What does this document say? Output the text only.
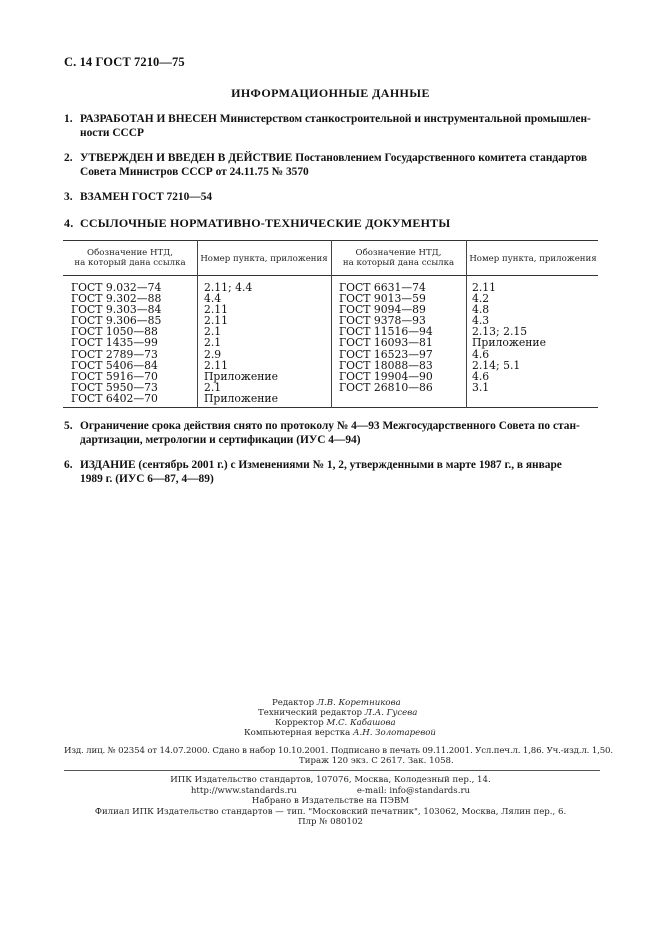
С. 14 ГОСТ 7210—75
ИНФОРМАЦИОННЫЕ ДАННЫЕ
1. РАЗРАБОТАН И ВНЕСЕН Министерством станкостроительной и инструментальной промышлен-
ности СССР
2. УТВЕРЖДЕН И ВВЕДЕН В ДЕЙСТВИЕ Постановлением Государственного комитета стандартов
Совета Министров СССР от 24.11.75 № 3570
3. ВЗАМЕН ГОСТ 7210—54
4. ССЫЛОЧНЫЕ НОРМАТИВНО-ТЕХНИЧЕСКИЕ ДОКУМЕНТЫ
Обозначение НТД,
на который дана ссылка	Номер пункта, приложения
Обозначение НТД,
на который дана ссылка	Номер пункта, приложения
ГОСТ 9.032—74
ГОСТ 9.302—88
ГОСТ 9.303—84
ГОСТ 9.306—85
ГОСТ 1050—88
ГОСТ 1435—99
ГОСТ 2789—73
ГОСТ 5406—84
ГОСТ 5916—70
ГОСТ 5950—73
ГОСТ 6402—70
2.11; 4.4
4.4
2.11
2.11
2.1
2.1
2.9
2.11
Приложение
2.1
Приложение
ГОСТ 6631—74
ГОСТ 9013—59
ГОСТ 9094—89
ГОСТ 9378—93
ГОСТ 11516—94
ГОСТ 16093—81
ГОСТ 16523—97
ГОСТ 18088—83
ГОСТ 19904—90
ГОСТ 26810—86
2.11
4.2
4.8
4.3
2.13; 2.15
Приложение
4.6
2.14; 5.1
4.6
3.1
5. Ограничение срока действия снято по протоколу № 4—93 Межгосударственного Совета по стан-
дартизации, метрологии и сертификации (ИУС 4—94)
6. ИЗДАНИЕ (сентябрь 2001 г.) с Изменениями № 1, 2, утвержденными в марте 1987 г., в январе
1989 г. (ИУС 6—87, 4—89)
Редактор Л.В. Коретникова
Технический редактор Л.А. Гусева
Корректор М.С. Кабашова
Компьютерная верстка А.Н. Золотаревой
Изд. лиц. № 02354 от 14.07.2000. Сдано в набор 10.10.2001. Подписано в печать 09.11.2001. Усл.печ.л. 1,86. Уч.-изд.л. 1,50.
Тираж 120 экз. С 2617. Зак. 1058.
ИПК Издательство стандартов, 107076, Москва, Колодезный пер., 14.
http://www.standards.ru                      e-mail: info@standards.ru
Набрано в Издательстве на ПЭВМ
Филиал ИПК Издательство стандартов — тип. "Московский печатник", 103062, Москва, Лялин пер., 6.
Плр № 080102
